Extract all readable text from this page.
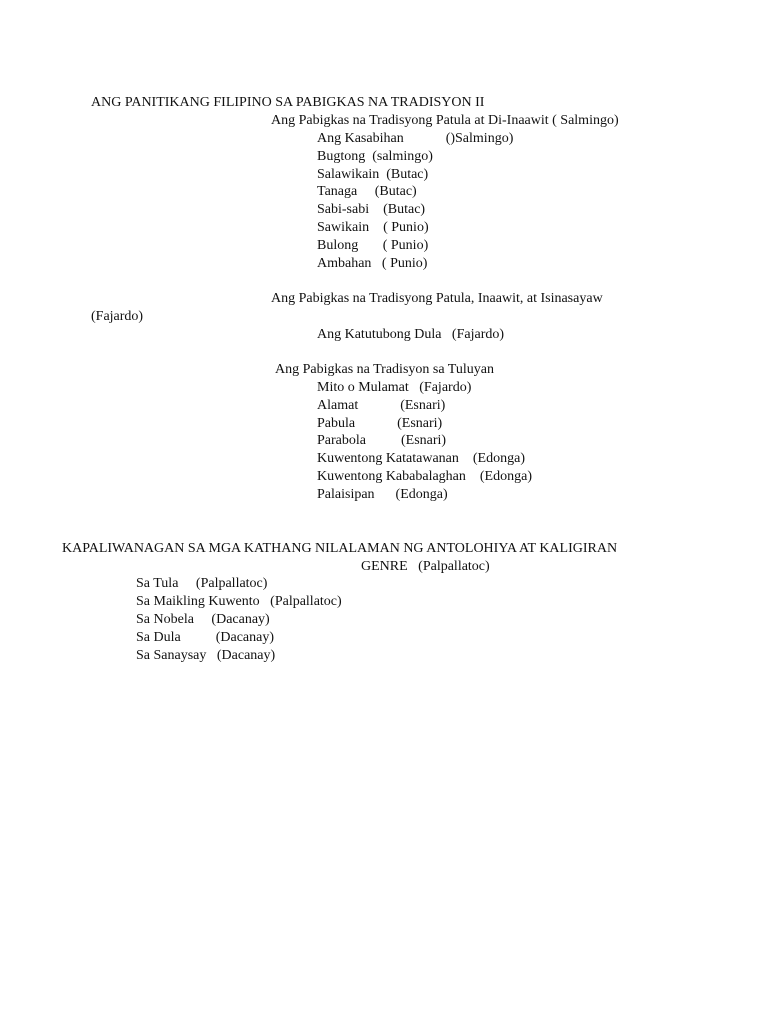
ANG PANITIKANG FILIPINO SA PABIGKAS NA TRADISYON II
Ang Pabigkas na Tradisyong Patula at Di-Inaawit ( Salmingo)
Ang Kasabihan            ()Salmingo)
Bugtong  (salmingo)
Salawikain  (Butac)
Tanaga     (Butac)
Sabi-sabi    (Butac)
Sawikain    ( Punio)
Bulong       ( Punio)
Ambahan   ( Punio)
Ang Pabigkas na Tradisyong Patula, Inaawit, at Isinasayaw
(Fajardo)
Ang Katutubong Dula   (Fajardo)
Ang Pabigkas na Tradisyon sa Tuluyan
Mito o Mulamat   (Fajardo)
Alamat            (Esnari)
Pabula            (Esnari)
Parabola          (Esnari)
Kuwentong Katatawanan    (Edonga)
Kuwentong Kababalaghan    (Edonga)
Palaisipan      (Edonga)
KAPALIWANAGAN SA MGA KATHANG NILALAMAN NG ANTOLOHIYA AT KALIGIRAN
GENRE   (Palpallatoc)
Sa Tula     (Palpallatoc)
Sa Maikling Kuwento   (Palpallatoc)
Sa Nobela     (Dacanay)
Sa Dula          (Dacanay)
Sa Sanaysay   (Dacanay)
